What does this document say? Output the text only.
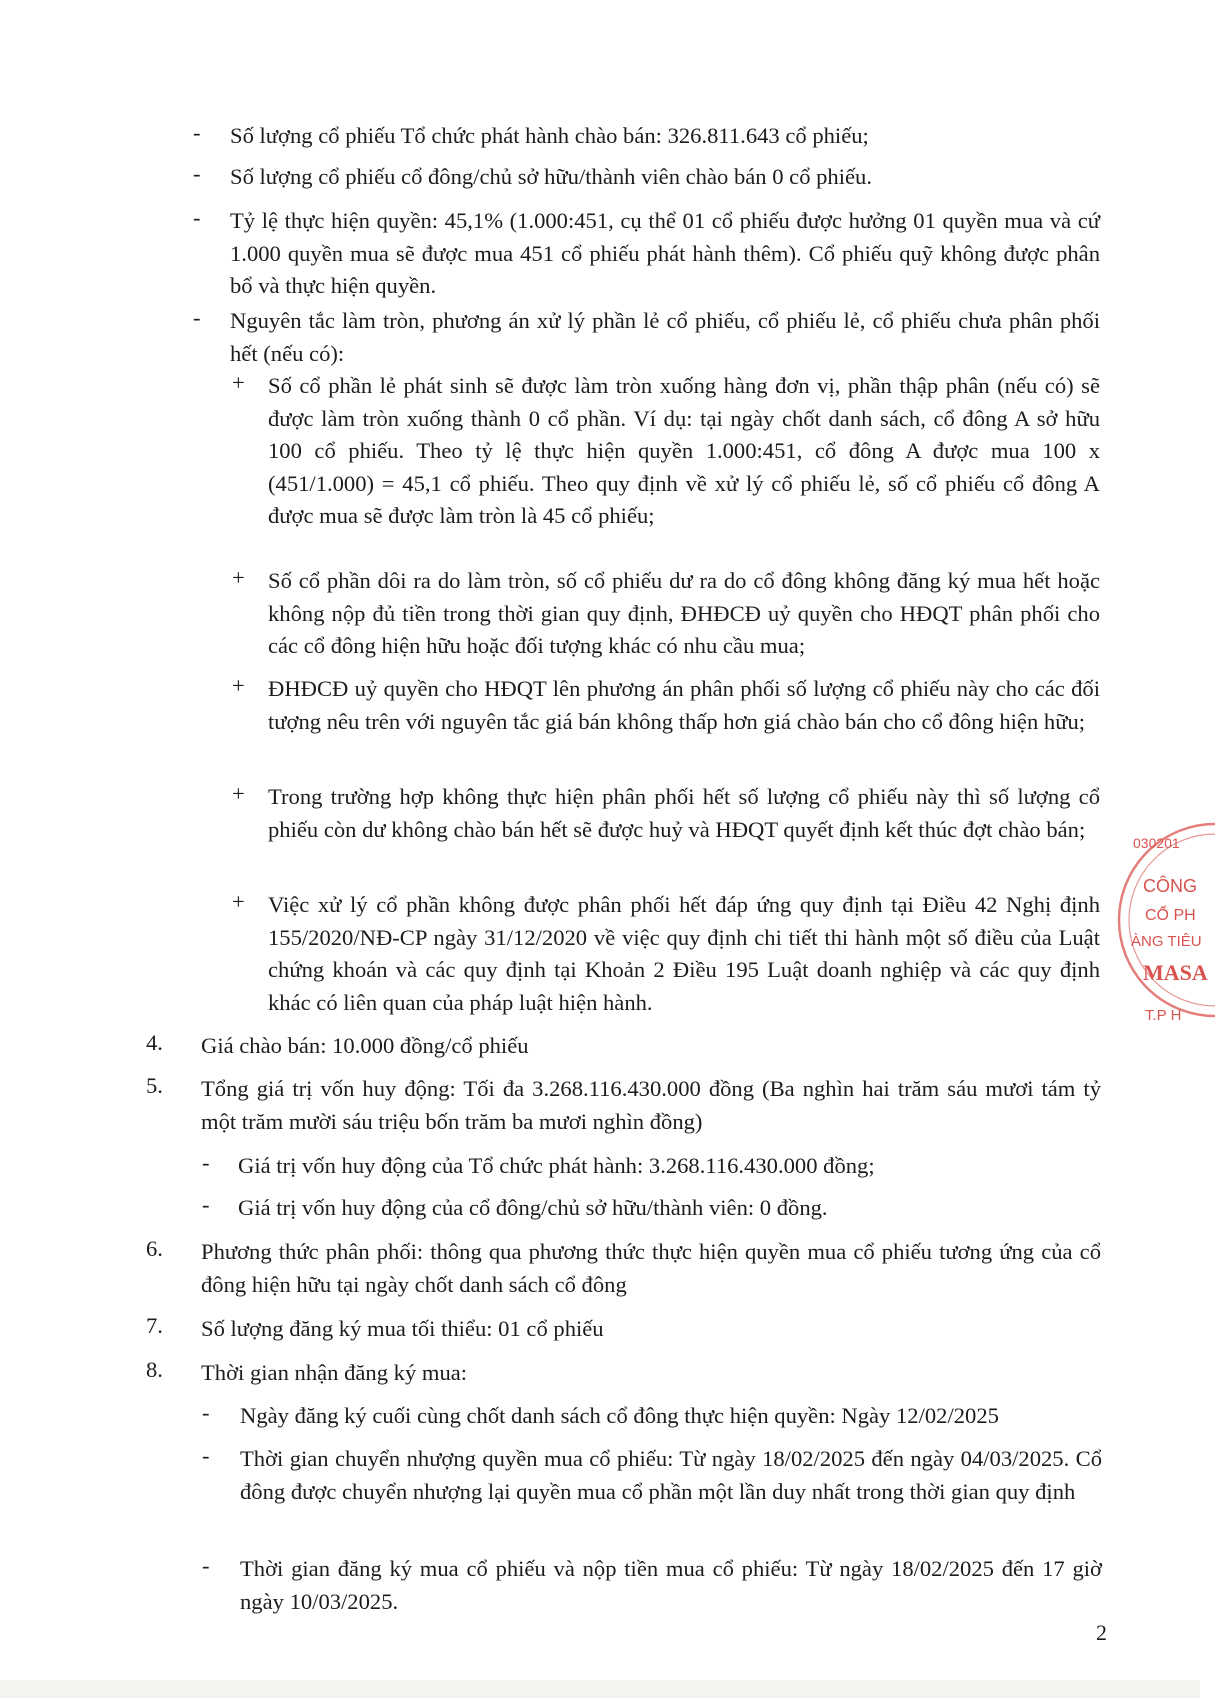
- Số lượng cổ phiếu Tổ chức phát hành chào bán: 326.811.643 cổ phiếu;
- Số lượng cổ phiếu cổ đông/chủ sở hữu/thành viên chào bán 0 cổ phiếu.
- Tỷ lệ thực hiện quyền: 45,1% (1.000:451, cụ thể 01 cổ phiếu được hưởng 01 quyền mua và cứ 1.000 quyền mua sẽ được mua 451 cổ phiếu phát hành thêm). Cổ phiếu quỹ không được phân bổ và thực hiện quyền.
- Nguyên tắc làm tròn, phương án xử lý phần lẻ cổ phiếu, cổ phiếu lẻ, cổ phiếu chưa phân phối hết (nếu có):
+ Số cổ phần lẻ phát sinh sẽ được làm tròn xuống hàng đơn vị, phần thập phân (nếu có) sẽ được làm tròn xuống thành 0 cổ phần. Ví dụ: tại ngày chốt danh sách, cổ đông A sở hữu 100 cổ phiếu. Theo tỷ lệ thực hiện quyền 1.000:451, cổ đông A được mua 100 x (451/1.000) = 45,1 cổ phiếu. Theo quy định về xử lý cổ phiếu lẻ, số cổ phiếu cổ đông A được mua sẽ được làm tròn là 45 cổ phiếu;
+ Số cổ phần dôi ra do làm tròn, số cổ phiếu dư ra do cổ đông không đăng ký mua hết hoặc không nộp đủ tiền trong thời gian quy định, ĐHĐCĐ uỷ quyền cho HĐQT phân phối cho các cổ đông hiện hữu hoặc đối tượng khác có nhu cầu mua;
+ ĐHĐCĐ uỷ quyền cho HĐQT lên phương án phân phối số lượng cổ phiếu này cho các đối tượng nêu trên với nguyên tắc giá bán không thấp hơn giá chào bán cho cổ đông hiện hữu;
+ Trong trường hợp không thực hiện phân phối hết số lượng cổ phiếu này thì số lượng cổ phiếu còn dư không chào bán hết sẽ được huỷ và HĐQT quyết định kết thúc đợt chào bán;
+ Việc xử lý cổ phần không được phân phối hết đáp ứng quy định tại Điều 42 Nghị định 155/2020/NĐ-CP ngày 31/12/2020 về việc quy định chi tiết thi hành một số điều của Luật chứng khoán và các quy định tại Khoản 2 Điều 195 Luật doanh nghiệp và các quy định khác có liên quan của pháp luật hiện hành.
4. Giá chào bán: 10.000 đồng/cổ phiếu
5. Tổng giá trị vốn huy động: Tối đa 3.268.116.430.000 đồng (Ba nghìn hai trăm sáu mươi tám tỷ một trăm mười sáu triệu bốn trăm ba mươi nghìn đồng)
- Giá trị vốn huy động của Tổ chức phát hành: 3.268.116.430.000 đồng;
- Giá trị vốn huy động của cổ đông/chủ sở hữu/thành viên: 0 đồng.
6. Phương thức phân phối: thông qua phương thức thực hiện quyền mua cổ phiếu tương ứng của cổ đông hiện hữu tại ngày chốt danh sách cổ đông
7. Số lượng đăng ký mua tối thiểu: 01 cổ phiếu
8. Thời gian nhận đăng ký mua:
- Ngày đăng ký cuối cùng chốt danh sách cổ đông thực hiện quyền: Ngày 12/02/2025
- Thời gian chuyển nhượng quyền mua cổ phiếu: Từ ngày 18/02/2025 đến ngày 04/03/2025. Cổ đông được chuyển nhượng lại quyền mua cổ phần một lần duy nhất trong thời gian quy định
- Thời gian đăng ký mua cổ phiếu và nộp tiền mua cổ phiếu: Từ ngày 18/02/2025 đến 17 giờ ngày 10/03/2025.
030201
CÔNG
CỔ PH
ÀNG TIÊU
MASA
T.P H
2
